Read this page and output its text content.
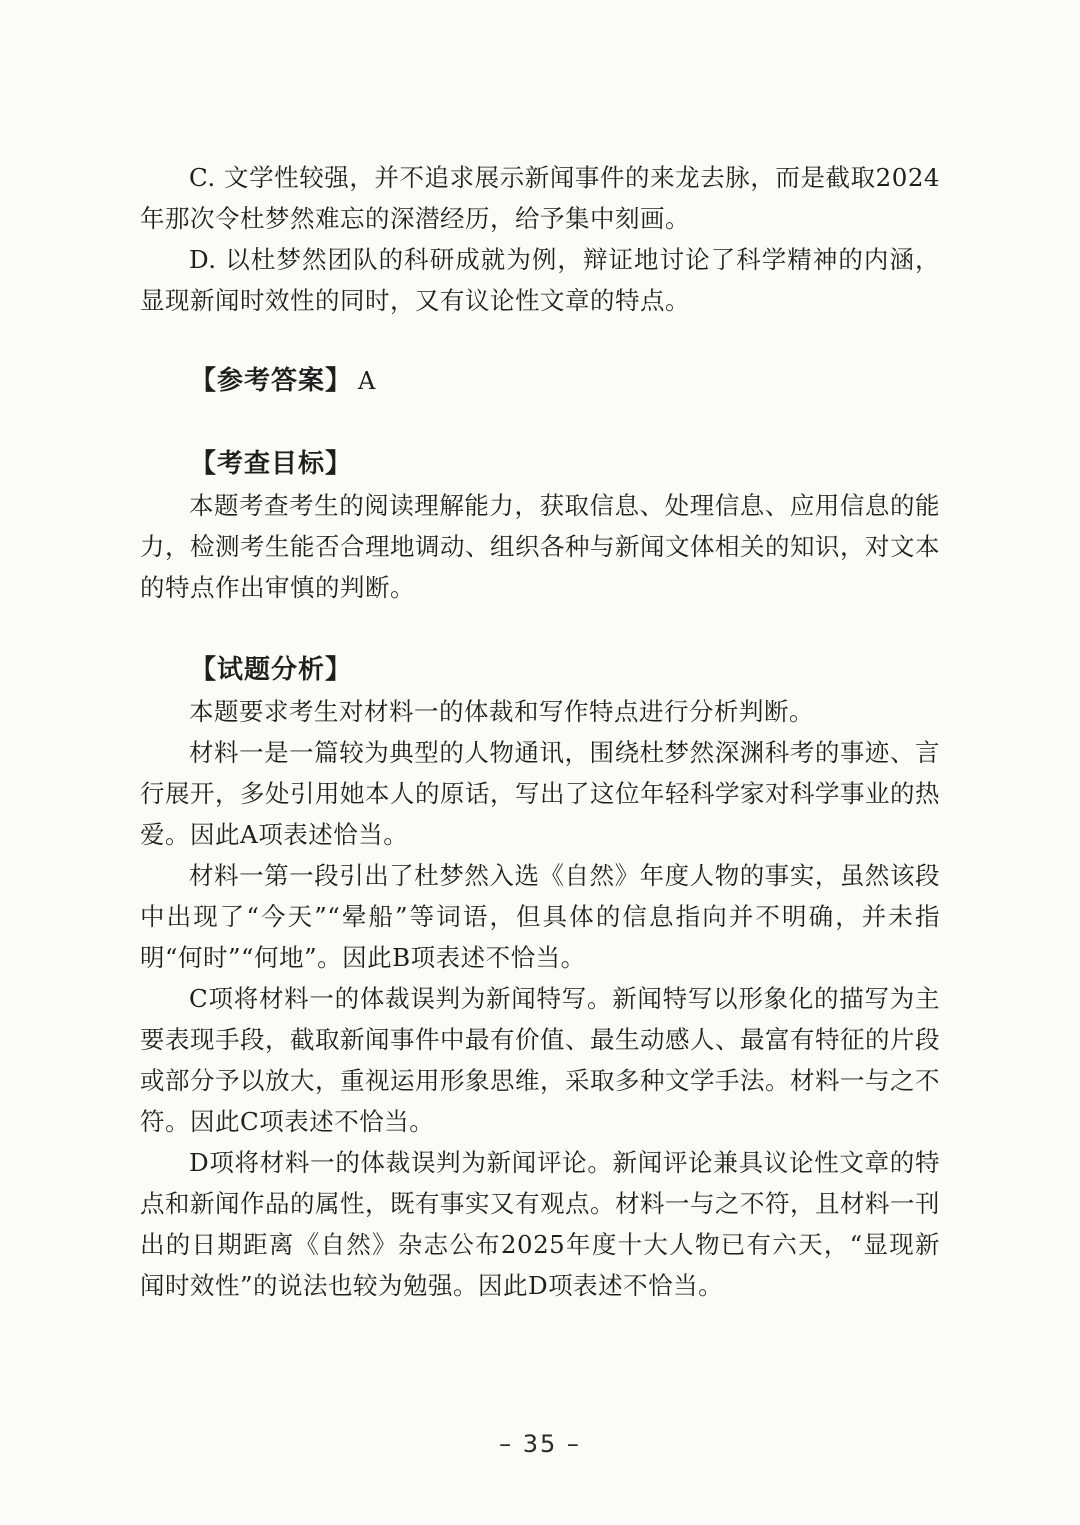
C. 文学性较强，并不追求展示新闻事件的来龙去脉，而是截取2024年那次令杜梦然难忘的深潜经历，给予集中刻画。

D. 以杜梦然团队的科研成就为例，辩证地讨论了科学精神的内涵，显现新闻时效性的同时，又有议论性文章的特点。

【参考答案】 A

【考查目标】

本题考查考生的阅读理解能力，获取信息、处理信息、应用信息的能力，检测考生能否合理地调动、组织各种与新闻文体相关的知识，对文本的特点作出审慎的判断。

【试题分析】

本题要求考生对材料一的体裁和写作特点进行分析判断。

材料一是一篇较为典型的人物通讯，围绕杜梦然深渊科考的事迹、言行展开，多处引用她本人的原话，写出了这位年轻科学家对科学事业的热爱。因此A项表述恰当。

材料一第一段引出了杜梦然入选《自然》年度人物的事实，虽然该段中出现了“今天”“晕船”等词语，但具体的信息指向并不明确，并未指明“何时”“何地”。因此B项表述不恰当。

C项将材料一的体裁误判为新闻特写。新闻特写以形象化的描写为主要表现手段，截取新闻事件中最有价值、最生动感人、最富有特征的片段或部分予以放大，重视运用形象思维，采取多种文学手法。材料一与之不符。因此C项表述不恰当。

D项将材料一的体裁误判为新闻评论。新闻评论兼具议论性文章的特点和新闻作品的属性，既有事实又有观点。材料一与之不符，且材料一刊出的日期距离《自然》杂志公布2025年度十大人物已有六天，“显现新闻时效性”的说法也较为勉强。因此D项表述不恰当。

– 35 –
